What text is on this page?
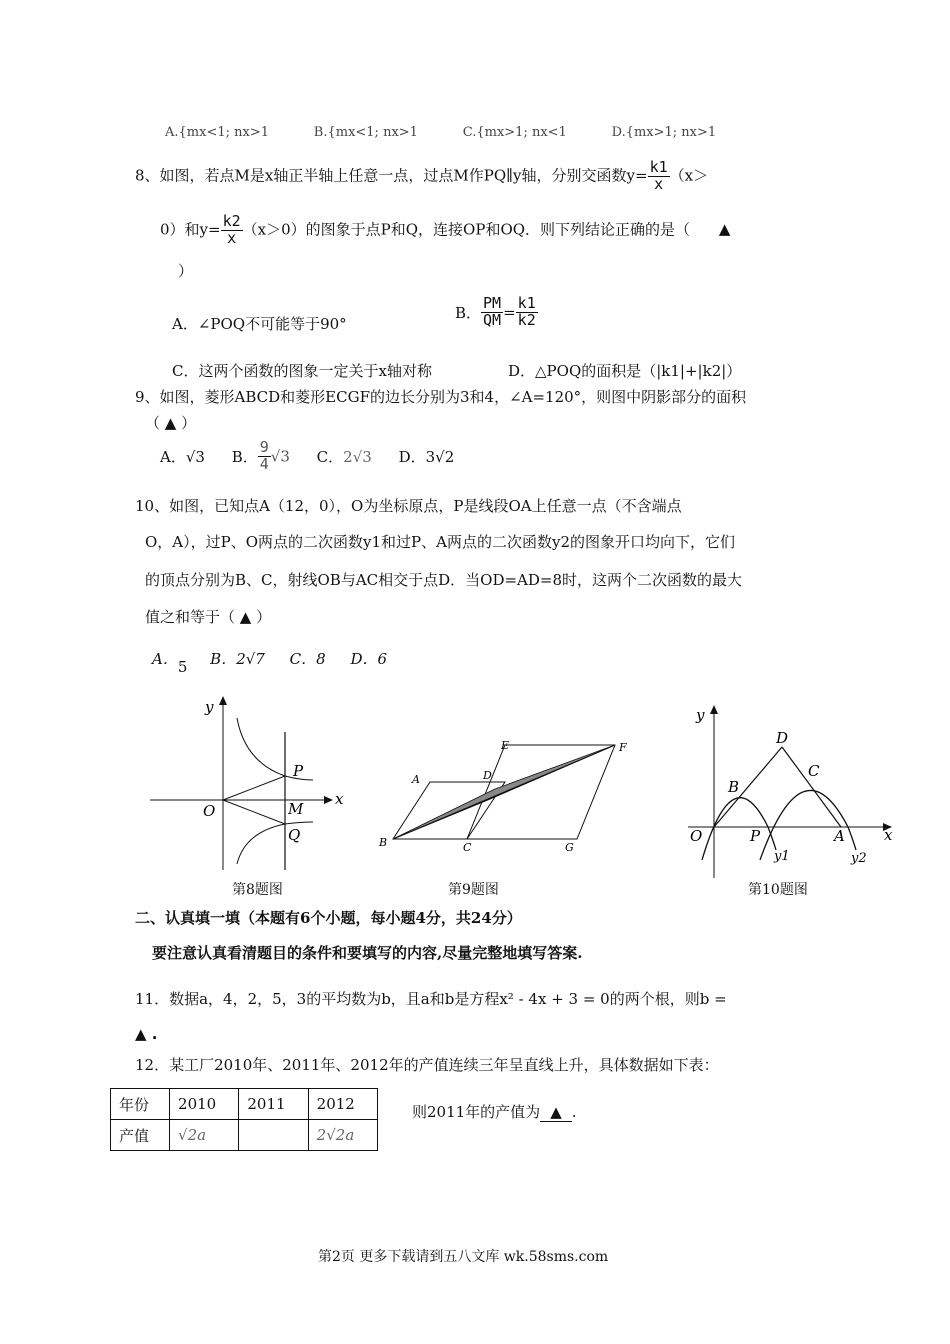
A.{mx<1; nx>1	B.{mx<1; nx>1	C.{mx>1; nx<1	D.{mx>1; nx>1
8、如图，若点M是x轴正半轴上任意一点，过点M作PQ∥y轴，分别交函数$y= \frac{k1}{x} (x>$
0）和$y= \frac{k2}{x} (x>0)$的图象于点P和Q，连接OP和OQ．则下列结论正确的是（ ▲
）
A．∠POQ不可能等于90°
B． $\frac{PM}{QM} = \frac{k1}{k2}$
C．这两个函数的图象一定关于x轴对称	D．△POQ的面积是（|k1|+|k2|）
9、如图，菱形ABCD和菱形ECGF的边长分别为3和4，∠A=120°，则图中阴影部分的面积
（ ▲ ）
A．√3 B． $\frac{9}{4} √3$ C．2√3 D．3√2
10、如图，已知点A（12，0），O为坐标原点，P是线段OA上任意一点（不含端点
O，A），过P、O两点的二次函数y1和过P、A两点的二次函数y2的图象开口均向下，它们
的顶点分别为B、C，射线OB与AC相交于点D．当OD=AD=8时，这两个二次函数的最大
值之和等于（ ▲ ）
A．5 B．2√7 C．8 D．6
y
x
O
P
M
Q
A
B	C
D
E	F
G
y
x
O
B
D
C
P	A
y1	y2
第8题图	第9题图	第10题图
二、认真填一填（本题有6个小题，每小题4分，共24分）
要注意认真看清题目的条件和要填写的内容,尽量完整地填写答案.
11．数据a，4，2，5，3的平均数为b，且a和b是方程x² - 4x + 3 = 0的两个根，则b =
▲ .
12．某工厂2010年、2011年、2012年的产值连续三年呈直线上升，具体数据如下表：
年份	2010	2011	2012
产值	√2a		2√2a
则2011年的产值为 ▲ .
第2页 更多下载请到五八文库 wk.58sms.com
